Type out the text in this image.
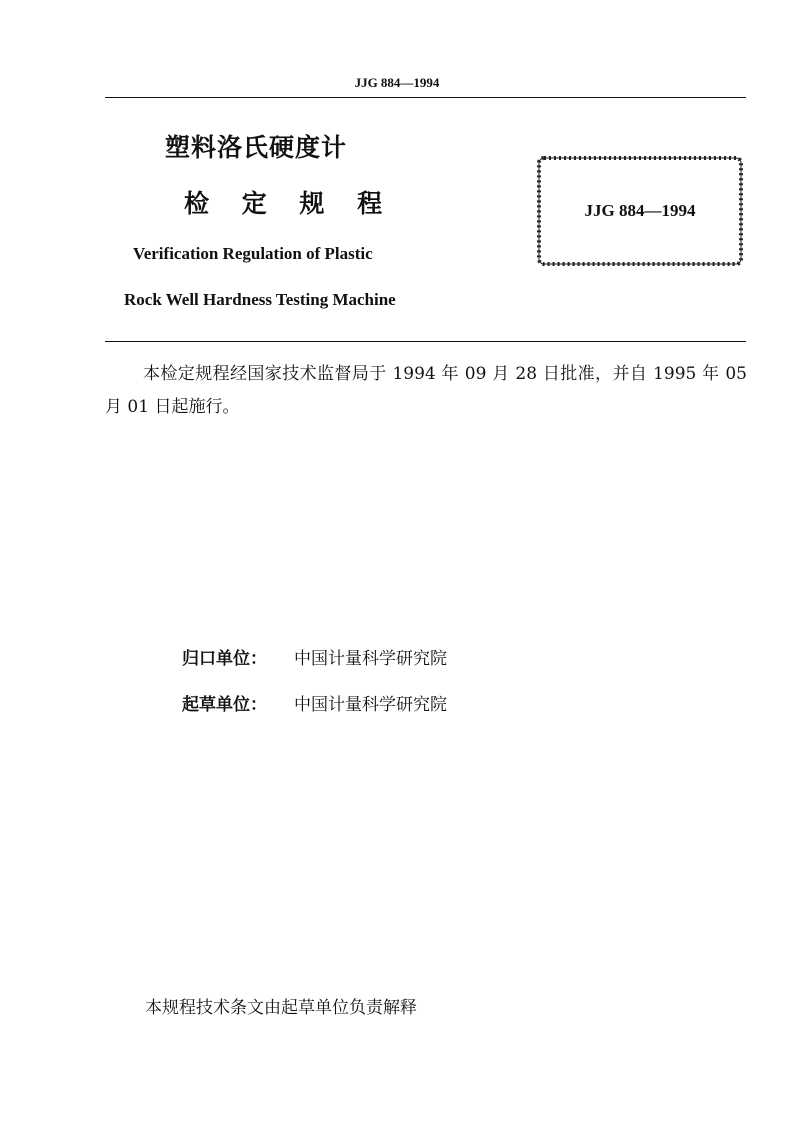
JJG 884—1994
塑料洛氏硬度计
检 定 规 程
Verification Regulation of Plastic
Rock Well Hardness Testing Machine
JJG 884—1994
本检定规程经国家技术监督局于 1994 年 09 月 28 日批准，并自 1995 年 05 月 01 日起施行。
归口单位： 中国计量科学研究院
起草单位： 中国计量科学研究院
本规程技术条文由起草单位负责解释
